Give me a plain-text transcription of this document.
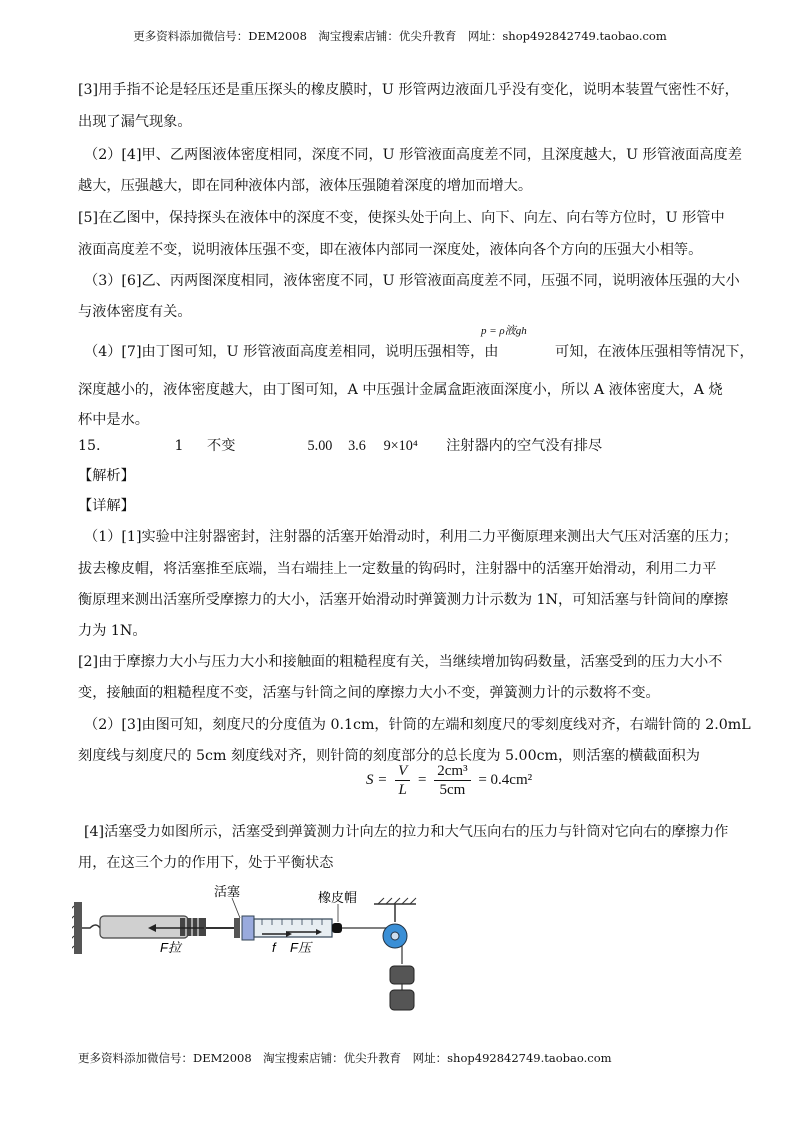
更多资料添加微信号：DEM2008　淘宝搜索店铺：优尖升教育　网址：shop492842749.taobao.com
[3]用手指不论是轻压还是重压探头的橡皮膜时，U 形管两边液面几乎没有变化，说明本装置气密性不好，
出现了漏气现象。
（2）[4]甲、乙两图液体密度相同，深度不同，U 形管液面高度差不同，且深度越大，U 形管液面高度差
越大，压强越大，即在同种液体内部，液体压强随着深度的增加而增大。
[5]在乙图中，保持探头在液体中的深度不变，使探头处于向上、向下、向左、向右等方位时，U 形管中
液面高度差不变，说明液体压强不变，即在液体内部同一深度处，液体向各个方向的压强大小相等。
（3）[6]乙、丙两图深度相同，液体密度不同，U 形管液面高度差不同，压强不同，说明液体压强的大小
与液体密度有关。
（4）[7]由丁图可知，U 形管液面高度差相同，说明压强相等，由
p = ρ液gh
可知，在液体压强相等情况下，
深度越小的，液体密度越大，由丁图可知，A 中压强计金属盒距液面深度小，所以 A 液体密度大，A 烧
杯中是水。
15.	1 不变	5.00 3.6 9×10⁴ 注射器内的空气没有排尽
【解析】
【详解】
（1）[1]实验中注射器密封，注射器的活塞开始滑动时，利用二力平衡原理来测出大气压对活塞的压力；
拔去橡皮帽，将活塞推至底端，当右端挂上一定数量的钩码时，注射器中的活塞开始滑动，利用二力平
衡原理来测出活塞所受摩擦力的大小，活塞开始滑动时弹簧测力计示数为 1N，可知活塞与针筒间的摩擦
力为 1N。
[2]由于摩擦力大小与压力大小和接触面的粗糙程度有关，当继续增加钩码数量，活塞受到的压力大小不
变，接触面的粗糙程度不变，活塞与针筒之间的摩擦力大小不变，弹簧测力计的示数将不变。
（2）[3]由图可知，刻度尺的分度值为 0.1cm，针筒的左端和刻度尺的零刻度线对齐，右端针筒的 2.0mL
刻度线与刻度尺的 5cm 刻度线对齐，则针筒的刻度部分的总长度为 5.00cm，则活塞的横截面积为
$S = \frac{V}{L} = \frac{\text{2cm³}}{5cm} = 0.4cm^2$
[4]活塞受力如图所示，活塞受到弹簧测力计向左的拉力和大气压向右的压力与针筒对它向右的摩擦力作
用，在这三个力的作用下，处于平衡状态
活塞	橡皮帽
F拉	f F压
更多资料添加微信号：DEM2008　淘宝搜索店铺：优尖升教育　网址：shop492842749.taobao.com
